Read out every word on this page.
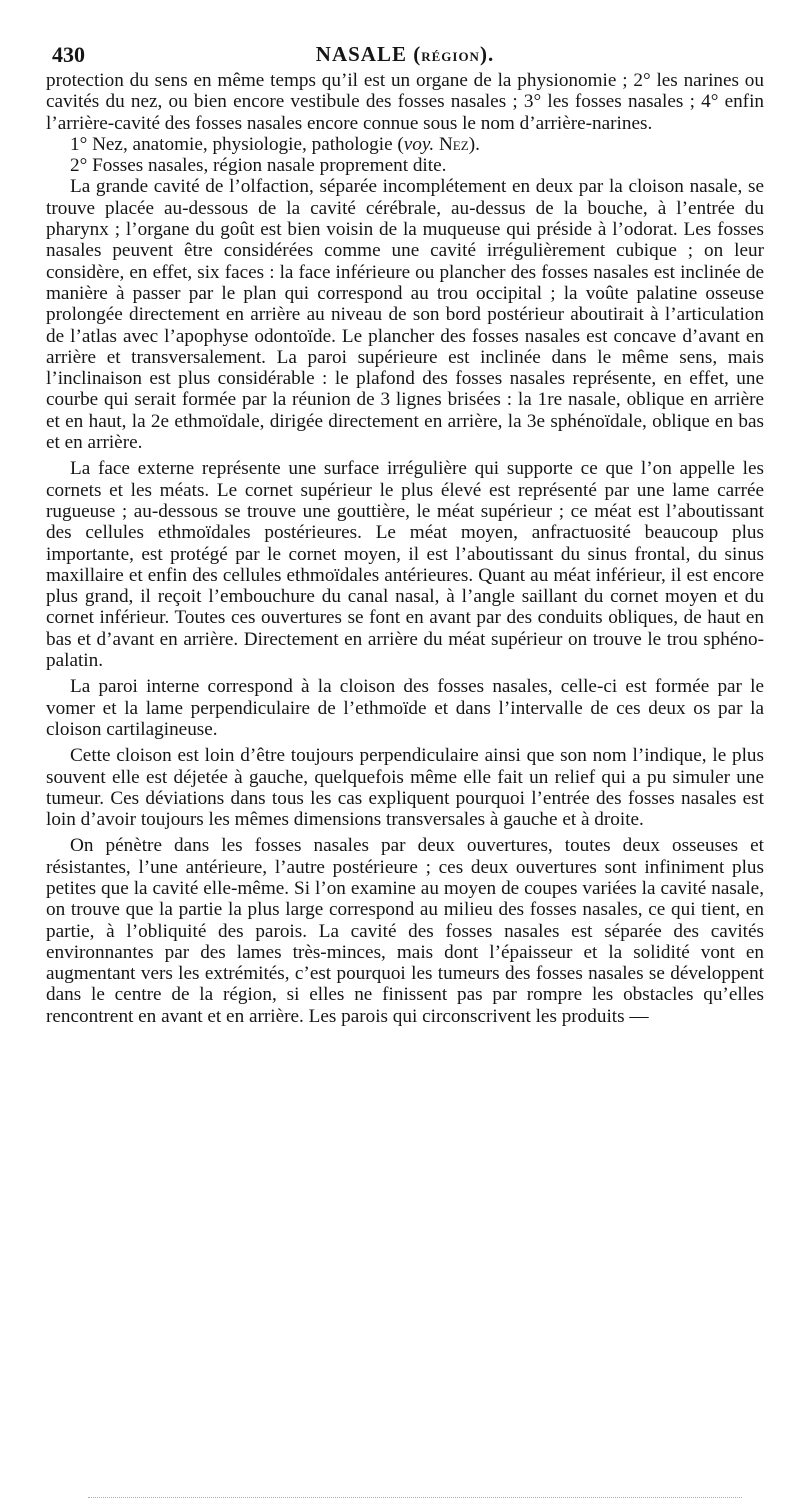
430	NASALE (RÉGION).

protection du sens en même temps qu’il est un organe de la physionomie ; 2° les narines ou cavités du nez, ou bien encore vestibule des fosses nasales ; 3° les fosses nasales ; 4° enfin l’arrière-cavité des fosses nasales encore connue sous le nom d’arrière-narines.

1° Nez, anatomie, physiologie, pathologie (voy. Nez).

2° Fosses nasales, région nasale proprement dite.

La grande cavité de l’olfaction, séparée incomplétement en deux par la cloison nasale, se trouve placée au-dessous de la cavité cérébrale, au-dessus de la bouche, à l’entrée du pharynx ; l’organe du goût est bien voisin de la muqueuse qui préside à l’odorat. Les fosses nasales peuvent être considérées comme une cavité irrégulièrement cubique ; on leur considère, en effet, six faces : la face inférieure ou plancher des fosses nasales est inclinée de manière à passer par le plan qui correspond au trou occipital ; la voûte palatine osseuse prolongée directement en arrière au niveau de son bord postérieur aboutirait à l’articulation de l’atlas avec l’apophyse odontoïde. Le plancher des fosses nasales est concave d’avant en arrière et transversalement. La paroi supérieure est inclinée dans le même sens, mais l’inclinaison est plus considérable : le plafond des fosses nasales représente, en effet, une courbe qui serait formée par la réunion de 3 lignes brisées : la 1re nasale, oblique en arrière et en haut, la 2e ethmoïdale, dirigée directement en arrière, la 3e sphénoïdale, oblique en bas et en arrière.

La face externe représente une surface irrégulière qui supporte ce que l’on appelle les cornets et les méats. Le cornet supérieur le plus élevé est représenté par une lame carrée rugueuse ; au-dessous se trouve une gouttière, le méat supérieur ; ce méat est l’aboutissant des cellules ethmoïdales postérieures. Le méat moyen, anfractuosité beaucoup plus importante, est protégé par le cornet moyen, il est l’aboutissant du sinus frontal, du sinus maxillaire et enfin des cellules ethmoïdales antérieures. Quant au méat inférieur, il est encore plus grand, il reçoit l’embouchure du canal nasal, à l’angle saillant du cornet moyen et du cornet inférieur. Toutes ces ouvertures se font en avant par des conduits obliques, de haut en bas et d’avant en arrière. Directement en arrière du méat supérieur on trouve le trou sphéno-palatin.

La paroi interne correspond à la cloison des fosses nasales, celle-ci est formée par le vomer et la lame perpendiculaire de l’ethmoïde et dans l’intervalle de ces deux os par la cloison cartilagineuse.

Cette cloison est loin d’être toujours perpendiculaire ainsi que son nom l’indique, le plus souvent elle est déjetée à gauche, quelquefois même elle fait un relief qui a pu simuler une tumeur. Ces déviations dans tous les cas expliquent pourquoi l’entrée des fosses nasales est loin d’avoir toujours les mêmes dimensions transversales à gauche et à droite.

On pénètre dans les fosses nasales par deux ouvertures, toutes deux osseuses et résistantes, l’une antérieure, l’autre postérieure ; ces deux ouvertures sont infiniment plus petites que la cavité elle-même. Si l’on examine au moyen de coupes variées la cavité nasale, on trouve que la partie la plus large correspond au milieu des fosses nasales, ce qui tient, en partie, à l’obliquité des parois. La cavité des fosses nasales est séparée des cavités environnantes par des lames très-minces, mais dont l’épaisseur et la solidité vont en augmentant vers les extrémités, c’est pourquoi les tumeurs des fosses nasales se développent dans le centre de la région, si elles ne finissent pas par rompre les obstacles qu’elles rencontrent en avant et en arrière. Les parois qui circonscrivent les produits —
